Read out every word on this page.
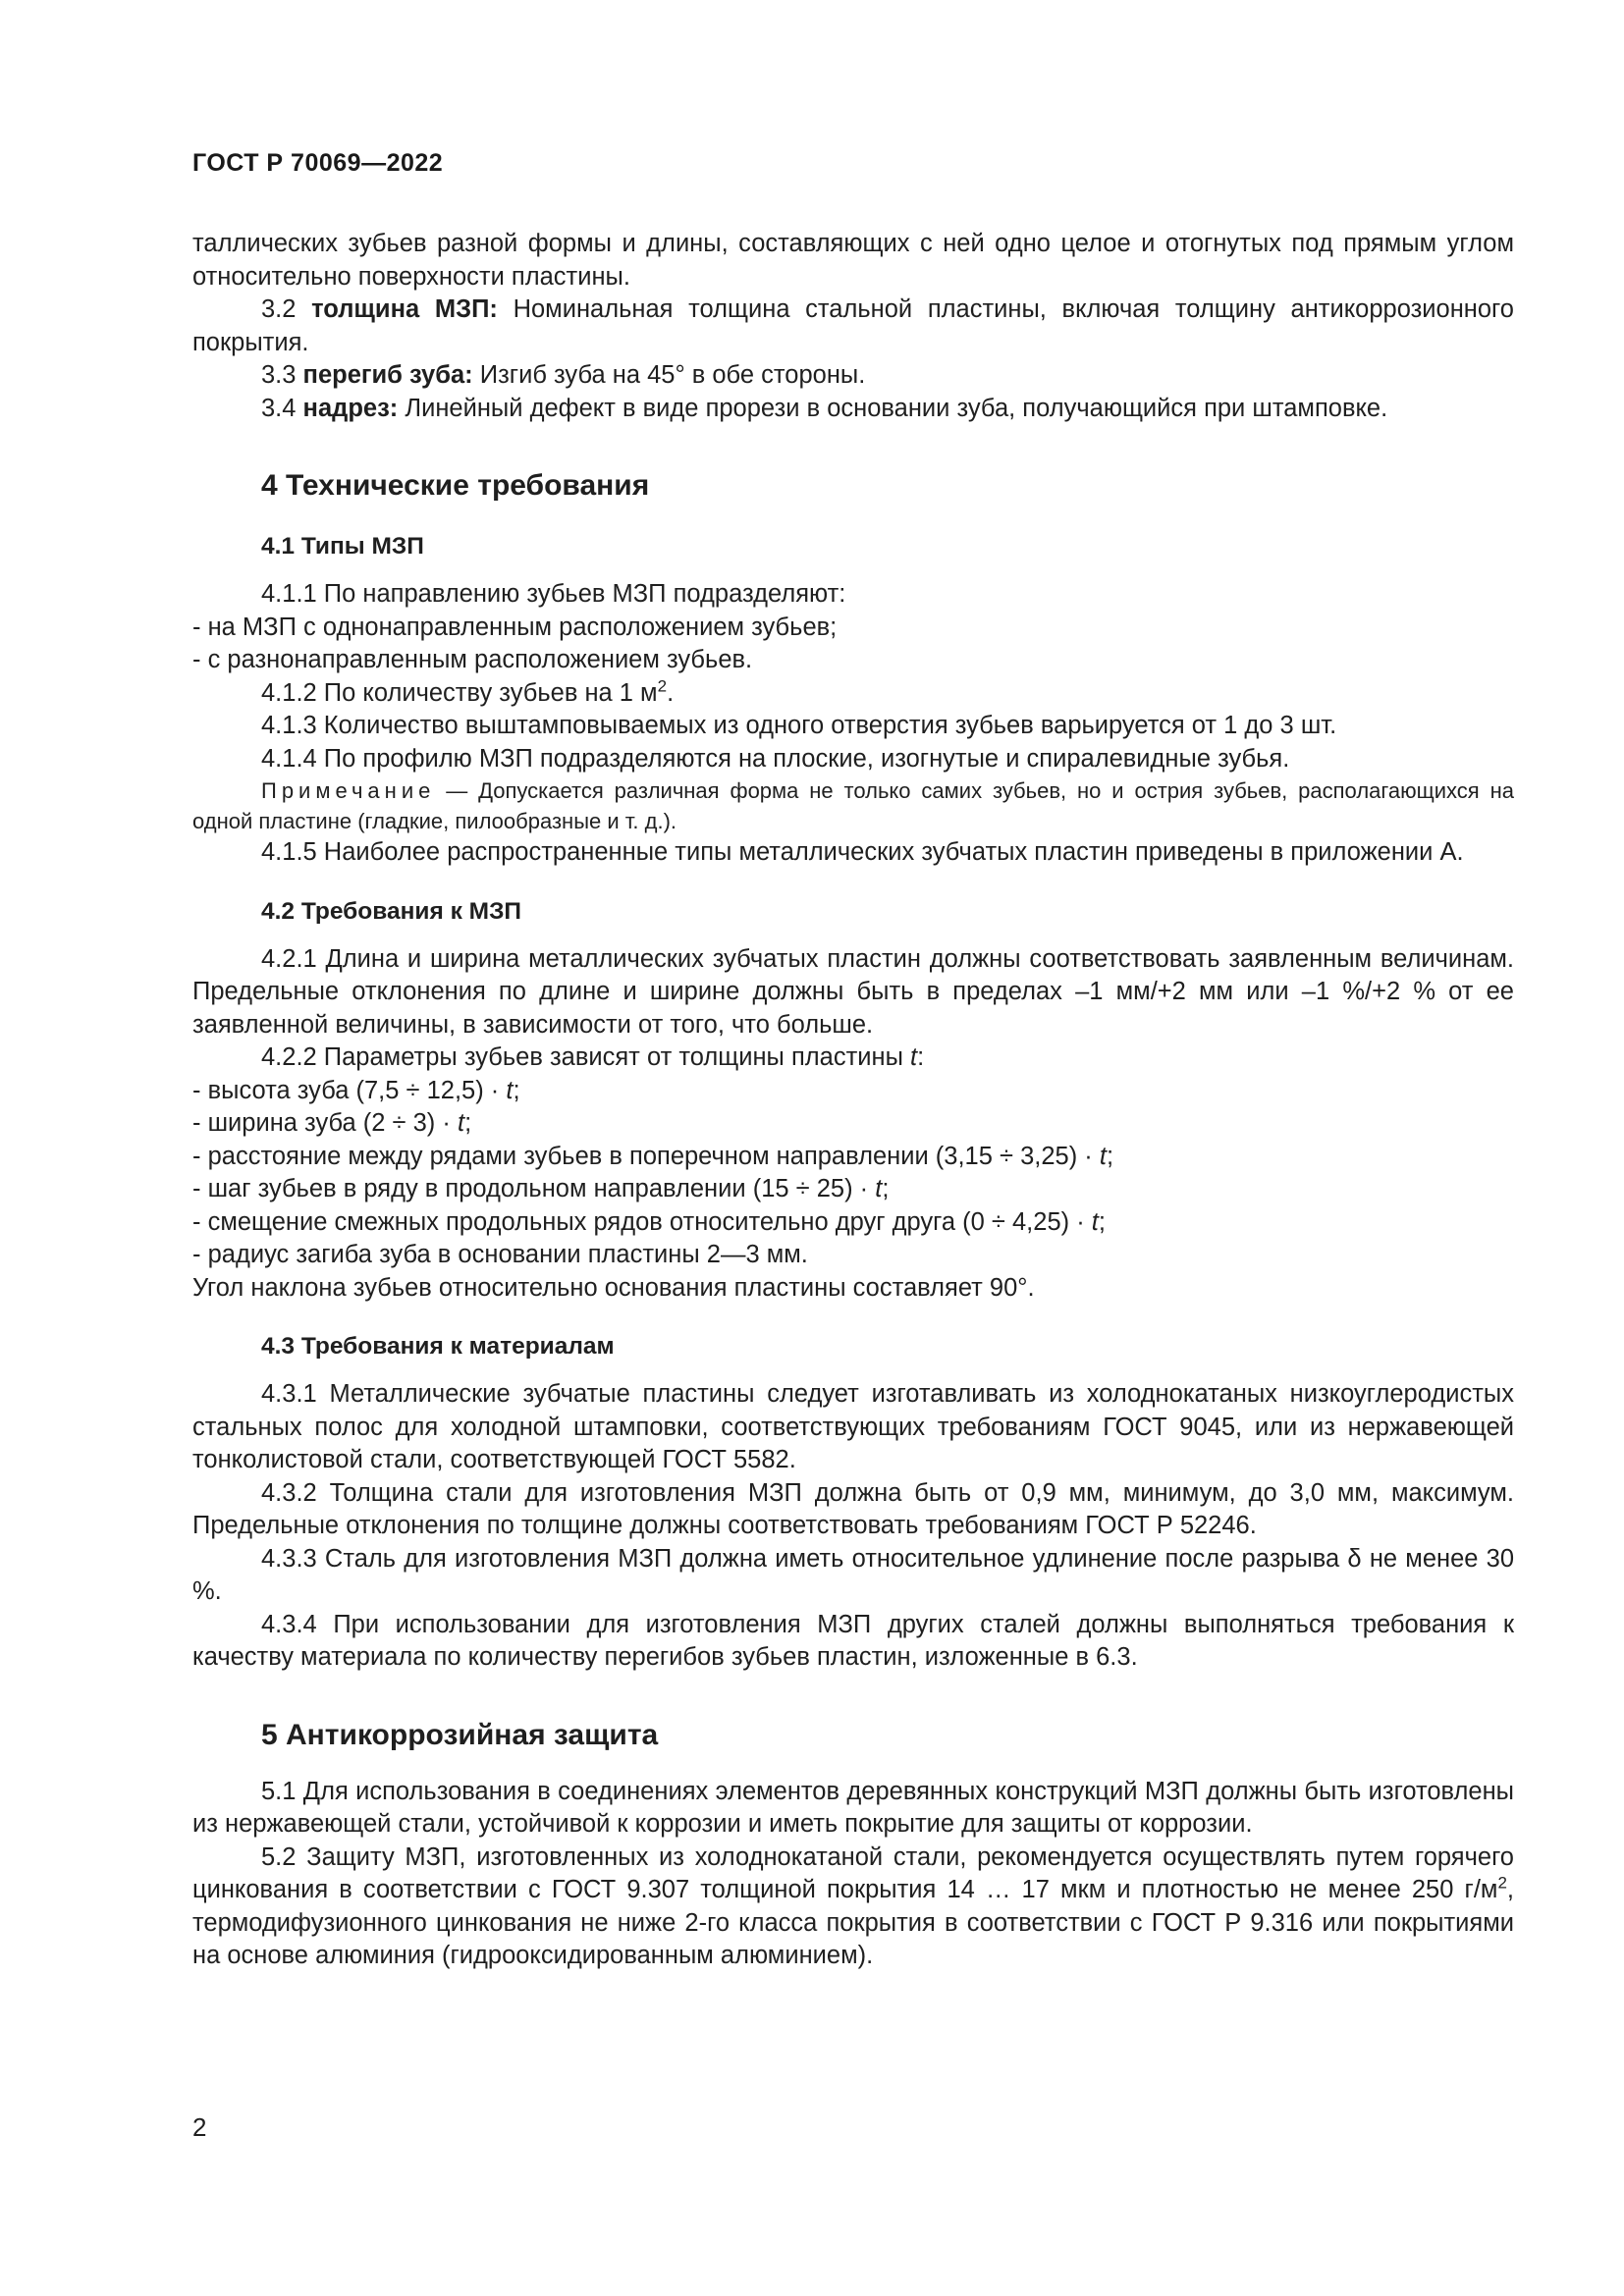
ГОСТ Р 70069—2022

таллических зубьев разной формы и длины, составляющих с ней одно целое и отогнутых под прямым углом относительно поверхности пластины.

3.2 толщина МЗП: Номинальная толщина стальной пластины, включая толщину антикоррозионного покрытия.

3.3 перегиб зуба: Изгиб зуба на 45° в обе стороны.

3.4 надрез: Линейный дефект в виде прорези в основании зуба, получающийся при штамповке.

4 Технические требования
4.1 Типы МЗП

4.1.1 По направлению зубьев МЗП подразделяют:

- на МЗП с однонаправленным расположением зубьев;

- с разнонаправленным расположением зубьев.

4.1.2 По количеству зубьев на 1 $м^2$.

4.1.3 Количество выштамповываемых из одного отверстия зубьев варьируется от 1 до 3 шт.

4.1.4 По профилю МЗП подразделяются на плоские, изогнутые и спиралевидные зубья.

Примечание — Допускается различная форма не только самих зубьев, но и острия зубьев, располагающихся на одной пластине (гладкие, пилообразные и т. д.).

4.1.5 Наиболее распространенные типы металлических зубчатых пластин приведены в приложении А.

4.2 Требования к МЗП

4.2.1 Длина и ширина металлических зубчатых пластин должны соответствовать заявленным величинам. Предельные отклонения по длине и ширине должны быть в пределах –1 мм/+2 мм или –1 %/+2 % от ее заявленной величины, в зависимости от того, что больше.

4.2.2 Параметры зубьев зависят от толщины пластины t:

- высота зуба (7,5 ÷ 12,5) · t;

- ширина зуба (2 ÷ 3) · t;

- расстояние между рядами зубьев в поперечном направлении (3,15 ÷ 3,25) · t;

- шаг зубьев в ряду в продольном направлении (15 ÷ 25) · t;

- смещение смежных продольных рядов относительно друг друга (0 ÷ 4,25) · t;

- радиус загиба зуба в основании пластины 2—3 мм.

Угол наклона зубьев относительно основания пластины составляет 90°.

4.3 Требования к материалам

4.3.1 Металлические зубчатые пластины следует изготавливать из холоднокатаных низкоуглеродистых стальных полос для холодной штамповки, соответствующих требованиям ГОСТ 9045, или из нержавеющей тонколистовой стали, соответствующей ГОСТ 5582.

4.3.2 Толщина стали для изготовления МЗП должна быть от 0,9 мм, минимум, до 3,0 мм, максимум. Предельные отклонения по толщине должны соответствовать требованиям ГОСТ Р 52246.

4.3.3 Сталь для изготовления МЗП должна иметь относительное удлинение после разрыва δ не менее 30 %.

4.3.4 При использовании для изготовления МЗП других сталей должны выполняться требования к качеству материала по количеству перегибов зубьев пластин, изложенные в 6.3.

5 Антикоррозийная защита

5.1 Для использования в соединениях элементов деревянных конструкций МЗП должны быть изготовлены из нержавеющей стали, устойчивой к коррозии и иметь покрытие для защиты от коррозии.

5.2 Защиту МЗП, изготовленных из холоднокатаной стали, рекомендуется осуществлять путем горячего цинкования в соответствии с ГОСТ 9.307 толщиной покрытия 14 … 17 мкм и плотностью не менее 250 $г/м^2$, термодифузионного цинкования не ниже 2-го класса покрытия в соответствии с ГОСТ Р 9.316 или покрытиями на основе алюминия (гидрооксидированным алюминием).

2
